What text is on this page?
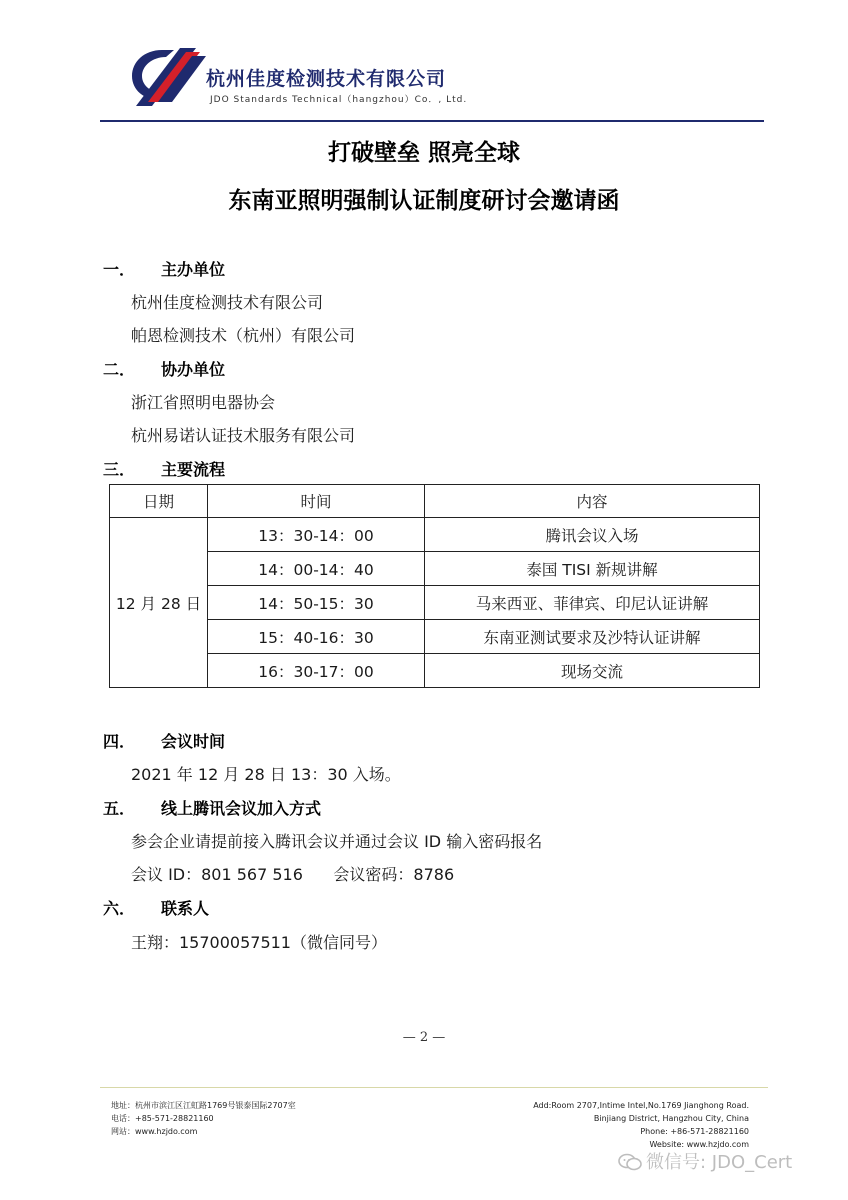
杭州佳度检测技术有限公司
JDO Standards Technical（hangzhou）Co．, Ltd.
打破壁垒 照亮全球
东南亚照明强制认证制度研讨会邀请函
一． 主办单位
杭州佳度检测技术有限公司
帕恩检测技术（杭州）有限公司
二． 协办单位
浙江省照明电器协会
杭州易诺认证技术服务有限公司
三． 主要流程
日期	时间	内容
12 月 28 日	13：30-14：00	腾讯会议入场
	14：00-14：40	泰国 TISI 新规讲解
	14：50-15：30	马来西亚、菲律宾、印尼认证讲解
	15：40-16：30	东南亚测试要求及沙特认证讲解
	16：30-17：00	现场交流
四． 会议时间
2021 年 12 月 28 日 13：30 入场。
五． 线上腾讯会议加入方式
参会企业请提前接入腾讯会议并通过会议 ID 输入密码报名
会议 ID：801 567 516      会议密码：8786
六． 联系人
王翔：15700057511（微信同号）
— 2 —
地址：杭州市滨江区江虹路1769号银泰国际2707室
电话：+85-571-28821160
网站：www.hzjdo.com
Add:Room 2707,Intime Intel,No.1769 Jianghong Road.
Binjiang District, Hangzhou City, China
Phone: +86-571-28821160
Website: www.hzjdo.com
微信号: JDO_Cert
